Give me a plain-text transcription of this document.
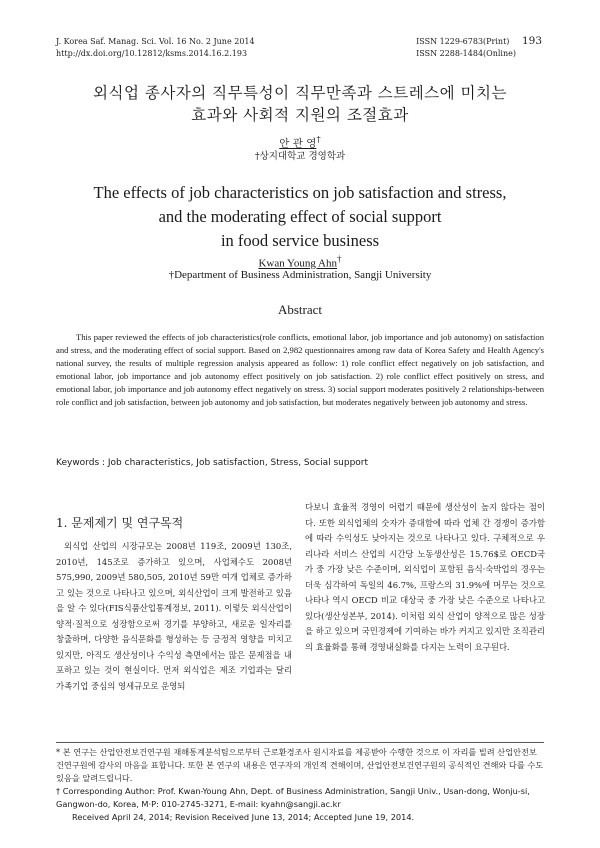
J. Korea Saf. Manag. Sci. Vol. 16 No. 2 June 2014
http://dx.doi.org/10.12812/ksms.2014.16.2.193
ISSN 1229-6783(Print)
ISSN 2288-1484(Online)
193
외식업 종사자의 직무특성이 직무만족과 스트레스에 미치는
효과와 사회적 지원의 조절효과
안 관 영†
†상지대학교 경영학과
The effects of job characteristics on job satisfaction and stress,
and the moderating effect of social support
in food service business
Kwan Young Ahn†
†Department of Business Administration, Sangji University
Abstract
This paper reviewed the effects of job characteristics(role conflicts, emotional labor, job importance and job autonomy) on satisfaction and stress, and the moderating effect of social support. Based on 2,982 questionnaires among raw data of Korea Safety and Health Agency's national survey, the results of multiple regression analysis appeared as follow: 1) role conflict effect negatively on job satisfaction, and emotional labor, job importance and job autonomy effect positively on job satisfaction. 2) role conflict effect positively on stress, and emotional labor, job importance and job autonomy effect negatively on stress. 3) social support moderates positively 2 relationships-between role conflict and job satisfaction, between job autonomy and job satisfaction, but moderates negatively between job autonomy and stress.
Keywords : Job characteristics, Job satisfaction, Stress, Social support
1. 문제제기 및 연구목적
외식업 산업의 시장규모는 2008년 119조, 2009년 130조, 2010년, 145조로 증가하고 있으며, 사업체수도 2008년 575,990, 2009년 580,505, 2010년 59만 여개 업체로 증가하고 있는 것으로 나타나고 있으며, 외식산업이 크게 발전하고 있음을 알 수 있다(FIS식품산업통계정보, 2011). 이렇듯 외식산업이 양적·질적으로 성장함으로써 경기를 부양하고, 새로운 일자리를 창출하며, 다양한 음식문화를 형성하는 등 긍정적 영향을 미치고 있지만, 아직도 생산성이나 수익성 측면에서는 많은 문제점을 내포하고 있는 것이 현실이다. 먼저 외식업은 제조 기업과는 달리 가족기업 중심의 영세규모로 운영되
다보니 효율적 경영이 어렵기 때문에 생산성이 높지 않다는 점이다. 또한 외식업체의 숫자가 증대함에 따라 업체 간 경쟁이 증가함에 따라 수익성도 낮아지는 것으로 나타나고 있다. 구체적으로 우리나라 서비스 산업의 시간당 노동생산성은 15.76$로 OECD국가 중 가장 낮은 수준이며, 외식업이 포함된 음식·숙박업의 경우는 더욱 심각하여 독일의 46.7%, 프랑스의 31.9%에 머무는 것으로 나타나 역시 OECD 비교 대상국 중 가장 낮은 수준으로 나타나고 있다(생산성본부, 2014). 이처럼 외식 산업이 양적으로 많은 성장을 하고 있으며 국민경제에 기여하는 바가 커지고 있지만 조직관리의 효율화를 통해 경영내실화를 다지는 노력이 요구된다.

* 본 연구는 산업안전보건연구원 재해통계분석팀으로부터 근로환경조사 원시자료를 제공받아 수행한 것으로 이 자리를 빌려 산업안전보건연구원에 감사의 마음을 표합니다. 또한 본 연구의 내용은 연구자의 개인적 견해이며, 산업안전보건연구원의 공식적인 견해와 다를 수도 있음을 알려드립니다.

† Corresponding Author: Prof. Kwan-Young Ahn, Dept. of Business Administration, Sangji Univ., Usan-dong, Wonju-si, Gangwon-do, Korea, M·P: 010-2745-3271, E-mail: kyahn@sangji.ac.kr

Received April 24, 2014; Revision Received June 13, 2014; Accepted June 19, 2014.
